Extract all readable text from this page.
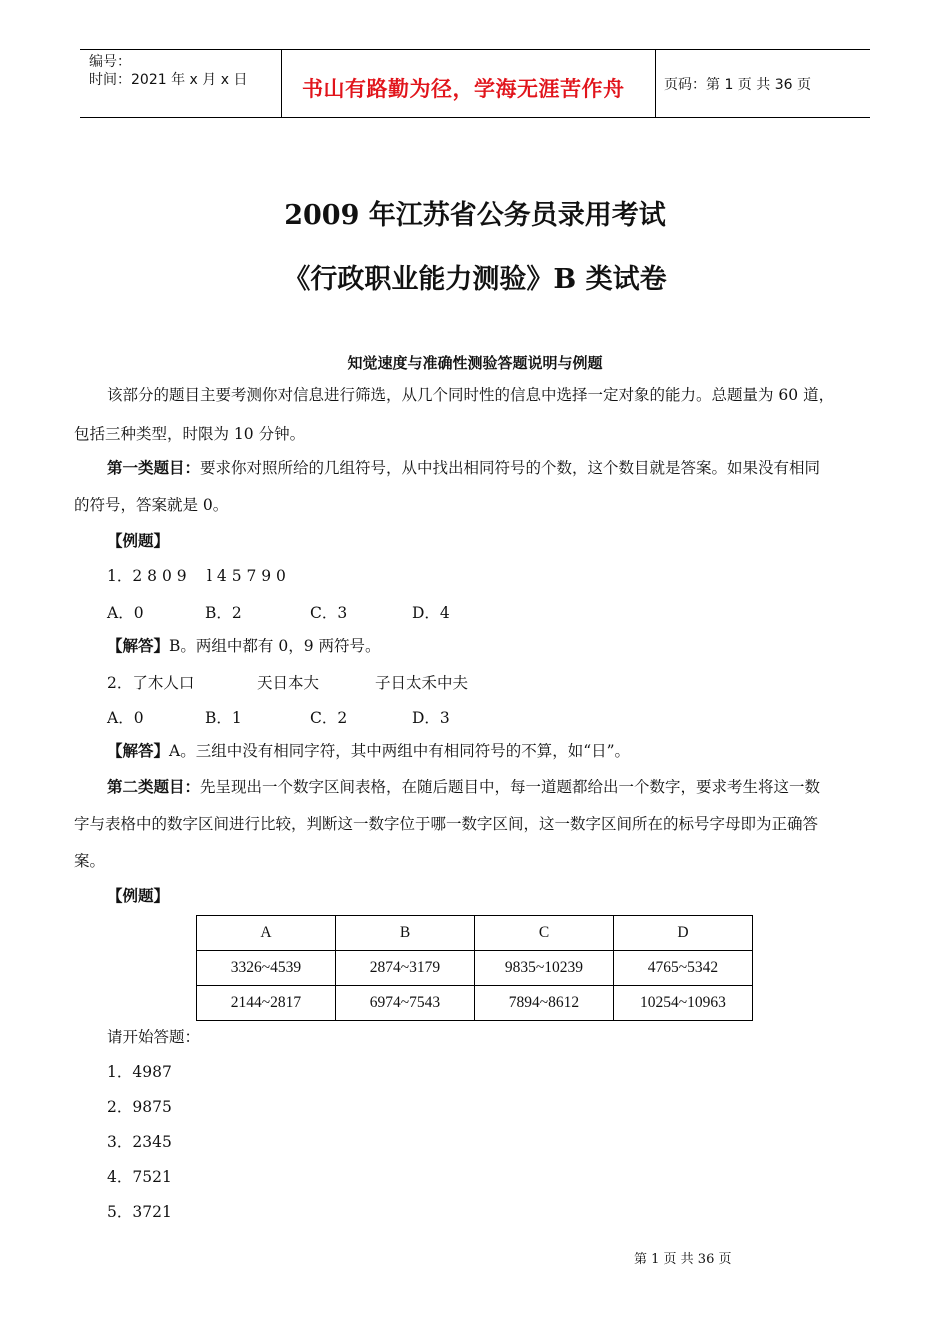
编号：
时间：2021 年 x 月 x 日	书山有路勤为径，学海无涯苦作舟	页码：第 1 页 共 36 页
2009 年江苏省公务员录用考试
《行政职业能力测验》B 类试卷
知觉速度与准确性测验答题说明与例题
该部分的题目主要考测你对信息进行筛选，从几个同时性的信息中选择一定对象的能力。总题量为 60 道，
包括三种类型，时限为 10 分钟。
第一类题目：要求你对照所给的几组符号，从中找出相同符号的个数，这个数目就是答案。如果没有相同
的符号，答案就是 0。
【例题】
1．2 8 0 9　 l 4 5 7 9 0
A．0	B．2	C．3	D．4
【解答】B。两组中都有 0，9 两符号。
2．了木人口	天日本大	子日太禾中夫
A．0	B．1	C．2	D．3
【解答】A。三组中没有相同字符，其中两组中有相同符号的不算，如“日”。
第二类题目：先呈现出一个数字区间表格，在随后题目中，每一道题都给出一个数字，要求考生将这一数
字与表格中的数字区间进行比较，判断这一数字位于哪一数字区间，这一数字区间所在的标号字母即为正确答
案。
【例题】
A	B	C	D
3326~4539	2874~3179	9835~10239	4765~5342
2144~2817	6974~7543	7894~8612	10254~10963
请开始答题：
1．4987
2．9875
3．2345
4．7521
5．3721
第 1 页 共 36 页
